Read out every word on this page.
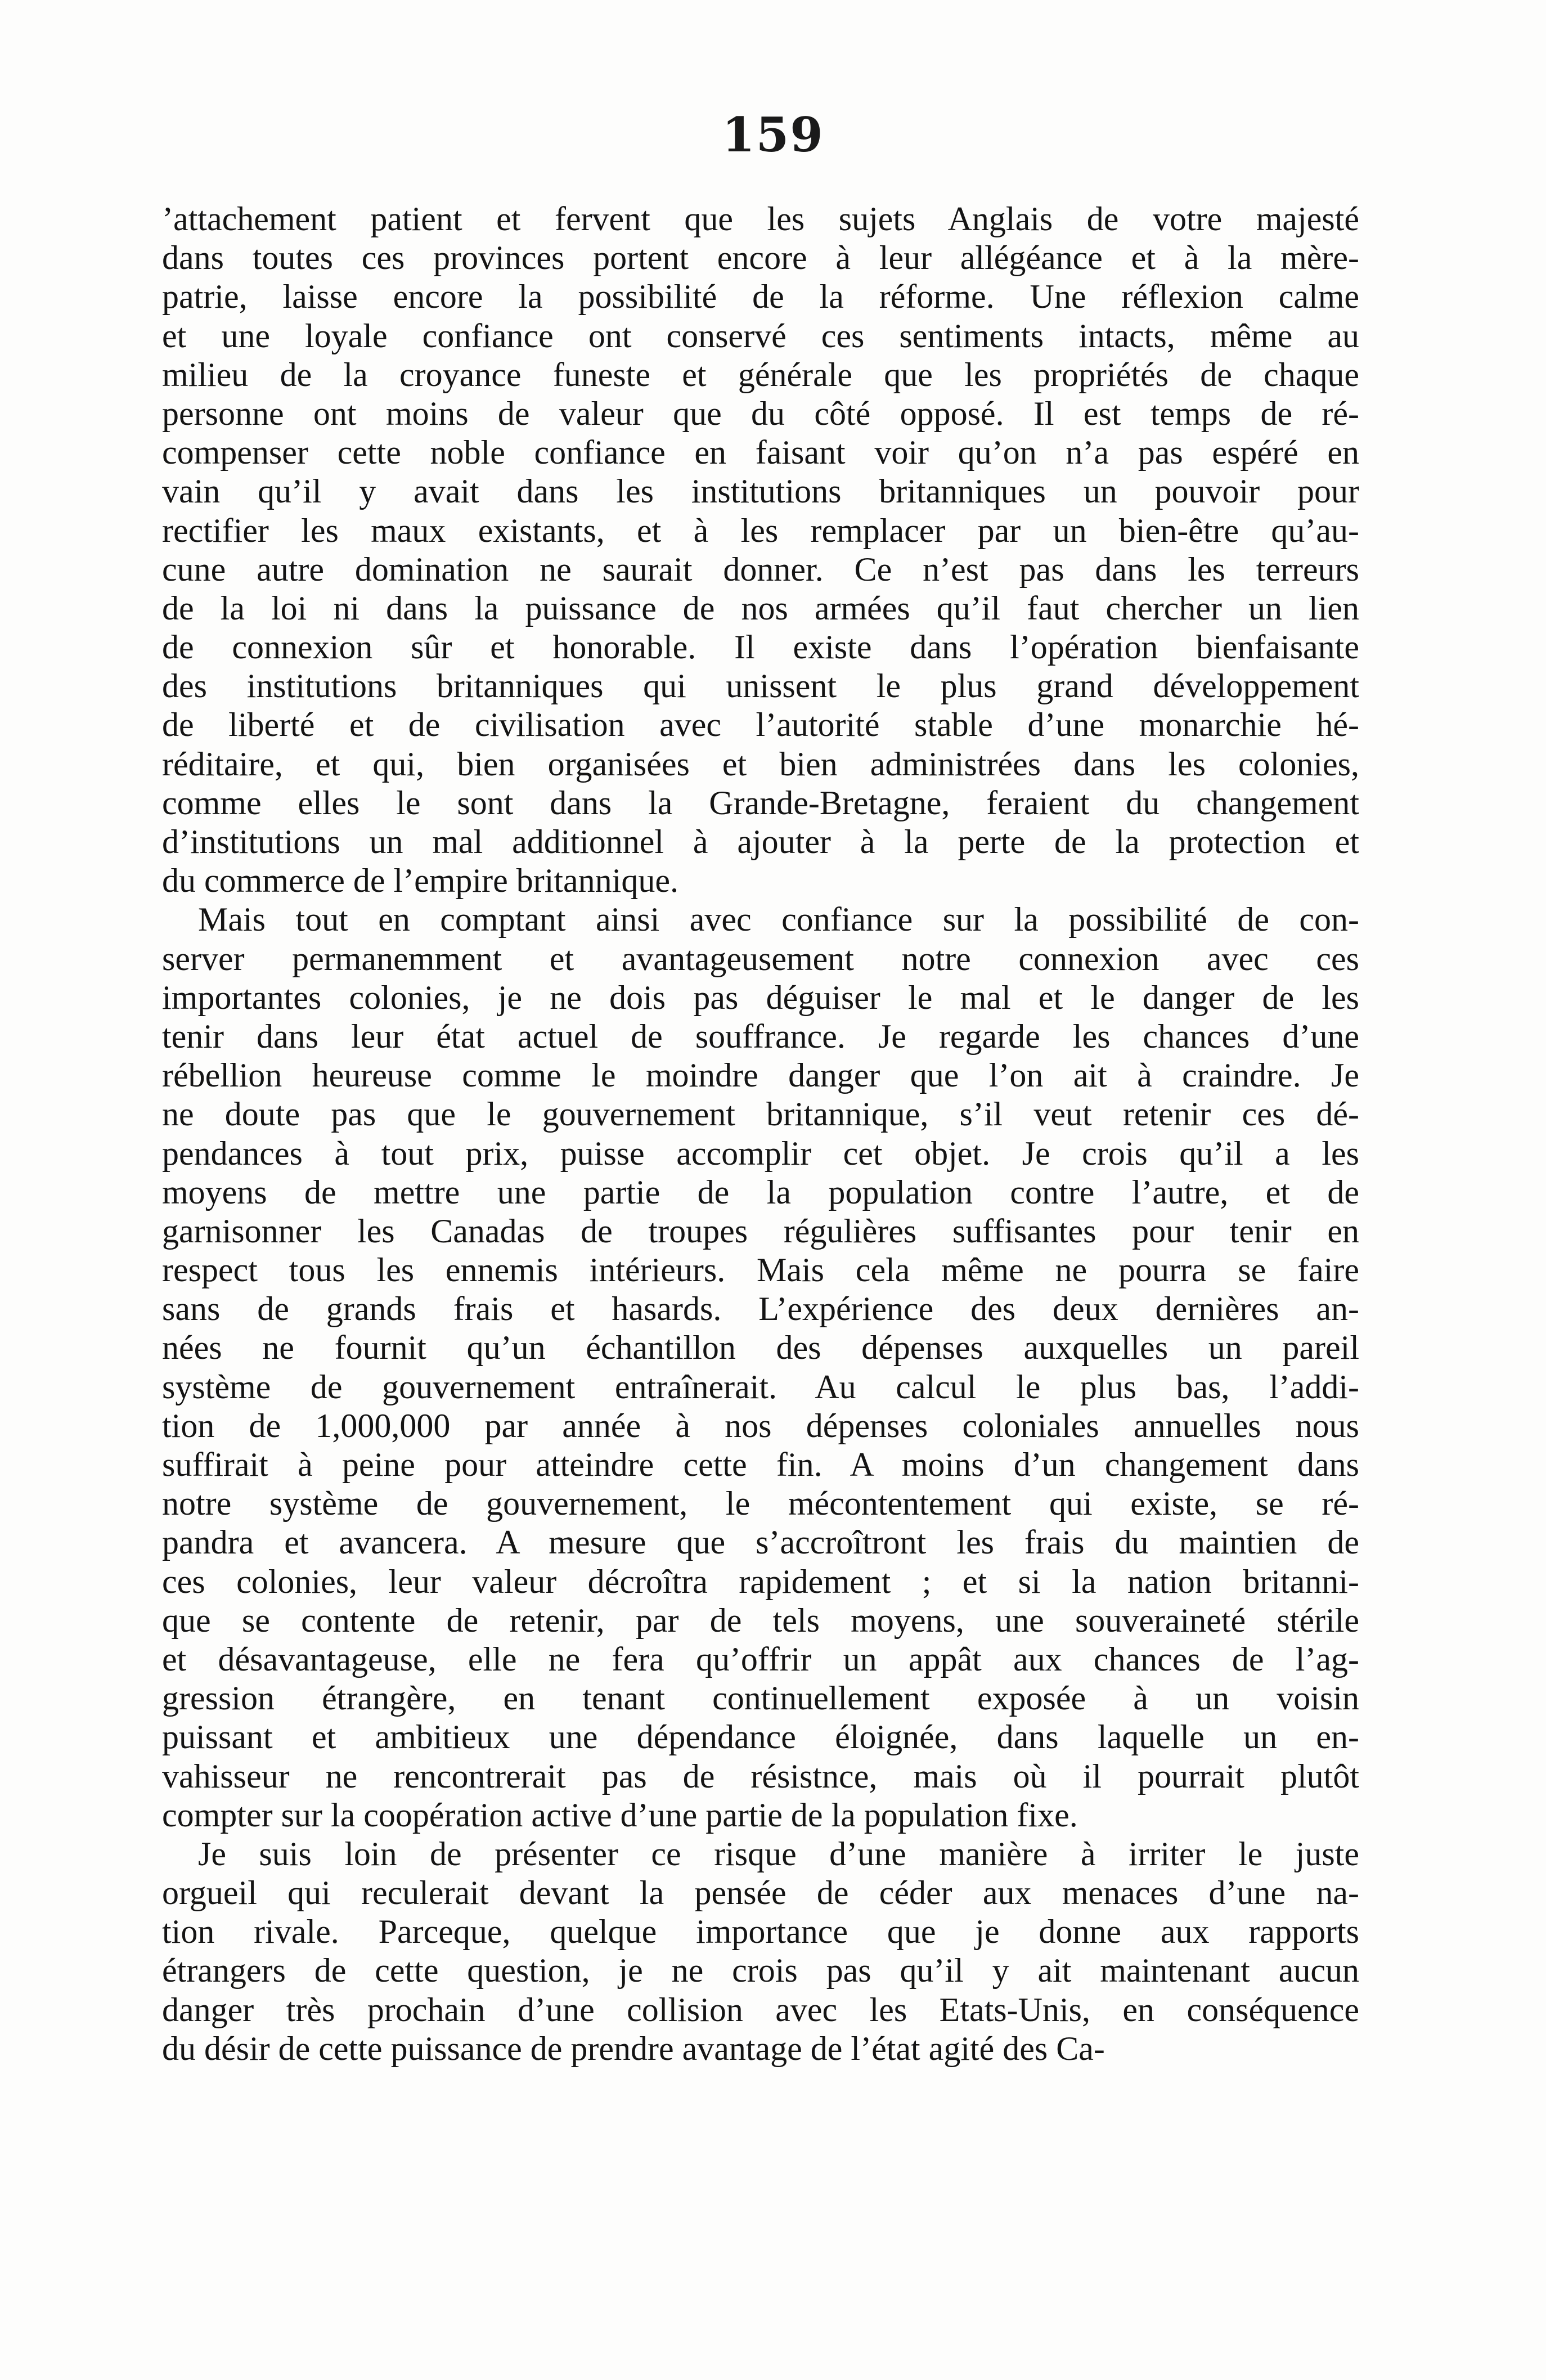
159
’attachement patient et fervent que les sujets Anglais de votre majesté
dans toutes ces provinces portent encore à leur allégéance et à la mère-
patrie, laisse encore la possibilité de la réforme. Une réflexion calme
et une loyale confiance ont conservé ces sentiments intacts, même au
milieu de la croyance funeste et générale que les propriétés de chaque
personne ont moins de valeur que du côté opposé. Il est temps de ré-
compenser cette noble confiance en faisant voir qu’on n’a pas espéré en
vain qu’il y avait dans les institutions britanniques un pouvoir pour
rectifier les maux existants, et à les remplacer par un bien-être qu’au-
cune autre domination ne saurait donner. Ce n’est pas dans les terreurs
de la loi ni dans la puissance de nos armées qu’il faut chercher un lien
de connexion sûr et honorable. Il existe dans l’opération bienfaisante
des institutions britanniques qui unissent le plus grand développement
de liberté et de civilisation avec l’autorité stable d’une monarchie hé-
réditaire, et qui, bien organisées et bien administrées dans les colonies,
comme elles le sont dans la Grande-Bretagne, feraient du changement
d’institutions un mal additionnel à ajouter à la perte de la protection et
du commerce de l’empire britannique.
Mais tout en comptant ainsi avec confiance sur la possibilité de con-
server permanemment et avantageusement notre connexion avec ces
importantes colonies, je ne dois pas déguiser le mal et le danger de les
tenir dans leur état actuel de souffrance. Je regarde les chances d’une
rébellion heureuse comme le moindre danger que l’on ait à craindre. Je
ne doute pas que le gouvernement britannique, s’il veut retenir ces dé-
pendances à tout prix, puisse accomplir cet objet. Je crois qu’il a les
moyens de mettre une partie de la population contre l’autre, et de
garnisonner les Canadas de troupes régulières suffisantes pour tenir en
respect tous les ennemis intérieurs. Mais cela même ne pourra se faire
sans de grands frais et hasards. L’expérience des deux dernières an-
nées ne fournit qu’un échantillon des dépenses auxquelles un pareil
système de gouvernement entraînerait. Au calcul le plus bas, l’addi-
tion de 1,000,000 par année à nos dépenses coloniales annuelles nous
suffirait à peine pour atteindre cette fin. A moins d’un changement dans
notre système de gouvernement, le mécontentement qui existe, se ré-
pandra et avancera. A mesure que s’accroîtront les frais du maintien de
ces colonies, leur valeur décroîtra rapidement ; et si la nation britanni-
que se contente de retenir, par de tels moyens, une souveraineté stérile
et désavantageuse, elle ne fera qu’offrir un appât aux chances de l’ag-
gression étrangère, en tenant continuellement exposée à un voisin
puissant et ambitieux une dépendance éloignée, dans laquelle un en-
vahisseur ne rencontrerait pas de résistnce, mais où il pourrait plutôt
compter sur la coopération active d’une partie de la population fixe.
Je suis loin de présenter ce risque d’une manière à irriter le juste
orgueil qui reculerait devant la pensée de céder aux menaces d’une na-
tion rivale. Parceque, quelque importance que je donne aux rapports
étrangers de cette question, je ne crois pas qu’il y ait maintenant aucun
danger très prochain d’une collision avec les Etats-Unis, en conséquence
du désir de cette puissance de prendre avantage de l’état agité des Ca-
